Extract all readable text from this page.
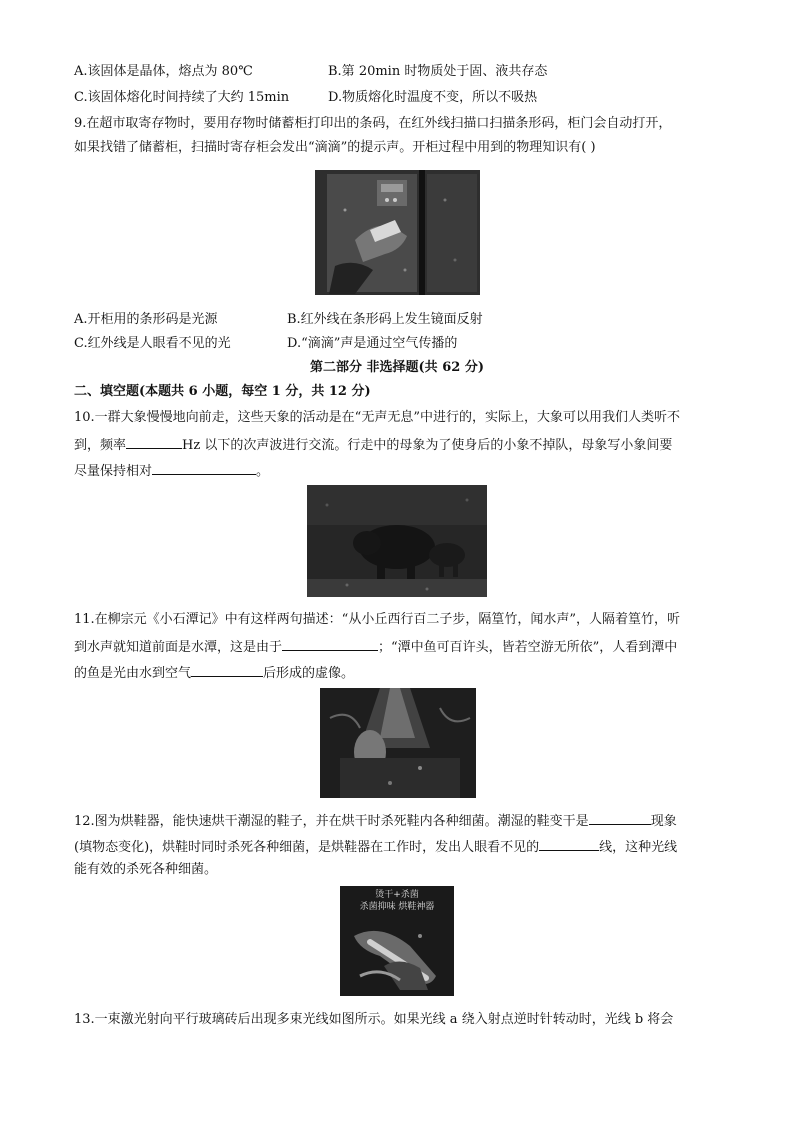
A.该固体是晶体，熔点为 80℃	B.第 20min 时物质处于固、液共存态
C.该固体熔化时间持续了大约 15min	D.物质熔化时温度不变，所以不吸热
9.在超市取寄存物时，要用存物时储蓄柜打印出的条码，在红外线扫描口扫描条形码，柜门会自动打开，
如果找错了储蓄柜，扫描时寄存柜会发出“滴滴”的提示声。开柜过程中用到的物理知识有( )
A.开柜用的条形码是光源	B.红外线在条形码上发生镜面反射
C.红外线是人眼看不见的光	D.“滴滴”声是通过空气传播的
第二部分 非选择题(共 62 分)
二、填空题(本题共 6 小题，每空 1 分，共 12 分)
10.一群大象慢慢地向前走，这些天象的活动是在“无声无息”中进行的，实际上，大象可以用我们人类听不
到，频率	Hz 以下的次声波进行交流。行走中的母象为了使身后的小象不掉队，母象写小象间要
尽量保持相对	。
11.在柳宗元《小石潭记》中有这样两句描述：“从小丘西行百二子步，隔篁竹，闻水声”，人隔着篁竹，听
到水声就知道前面是水潭，这是由于	；“潭中鱼可百许头，皆若空游无所依”，人看到潭中
的鱼是光由水到空气	后形成的虚像。
12.图为烘鞋器，能快速烘干潮湿的鞋子，并在烘干时杀死鞋内各种细菌。潮湿的鞋变干是	现象
(填物态变化)，烘鞋时同时杀死各种细菌，是烘鞋器在工作时，发出人眼看不见的	线，这种光线
能有效的杀死各种细菌。
烫干+杀菌
杀菌抑味 烘鞋神器
13.一束激光射向平行玻璃砖后出现多束光线如图所示。如果光线 a 绕入射点逆时针转动时，光线 b 将会
